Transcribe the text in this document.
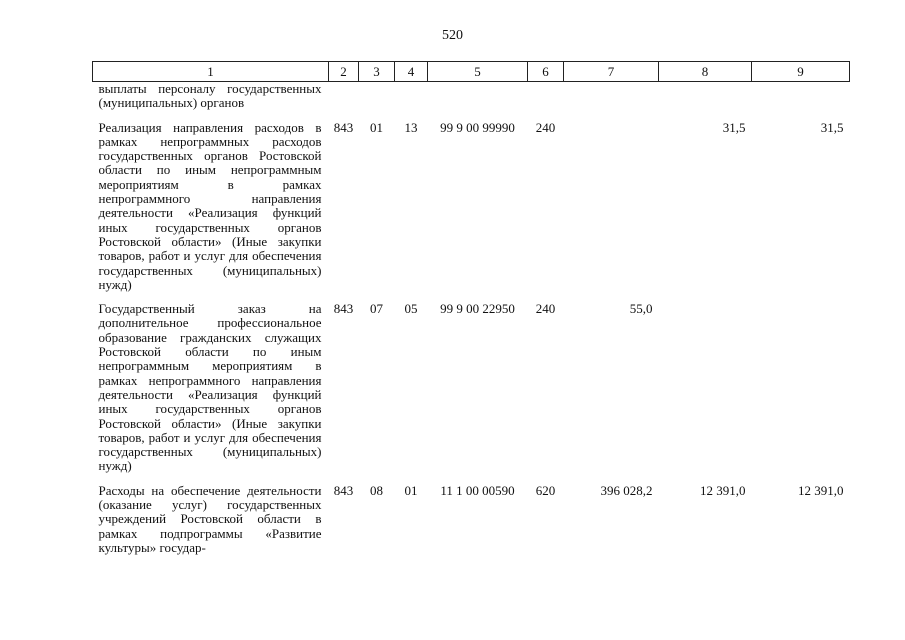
520
1	2	3	4	5	6	7	8	9
выплаты персоналу государственных (муниципальных) органов								
Реализация направления расходов в рамках непрограммных расходов государственных органов Ростовской области по иным непрограммным мероприятиям в рамках непрограммного направления деятельности «Реализация функций иных государственных органов Ростовской области» (Иные закупки товаров, работ и услуг для обеспечения государственных (муниципальных) нужд)	843	01	13	99 9 00 99990	240		31,5	31,5
Государственный заказ на дополнительное профессиональное образование гражданских служащих Ростовской области по иным непрограммным мероприятиям в рамках непрограммного направления деятельности «Реализация функций иных государственных органов Ростовской области» (Иные закупки товаров, работ и услуг для обеспечения государственных (муниципальных) нужд)	843	07	05	99 9 00 22950	240	55,0		
Расходы на обеспечение деятельности (оказание услуг) государственных учреждений Ростовской области в рамках подпрограммы «Развитие культуры» государ-	843	08	01	11 1 00 00590	620	396 028,2	12 391,0	12 391,0
